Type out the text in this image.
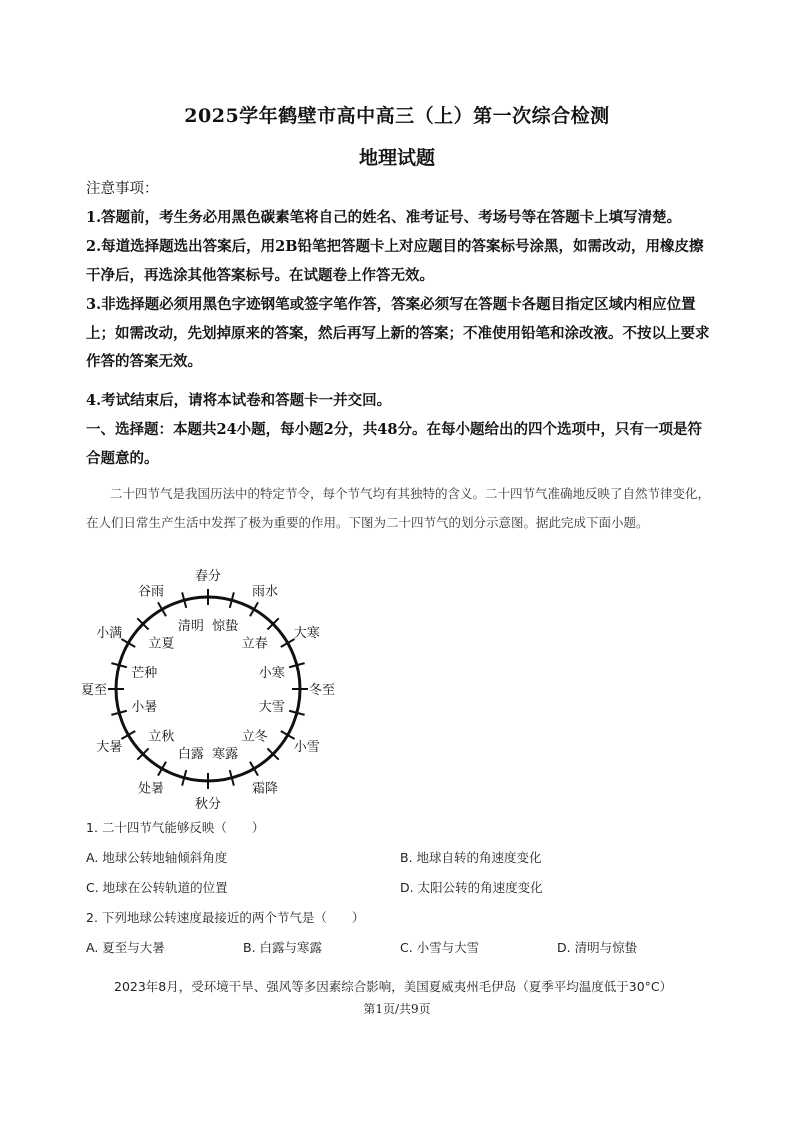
2025学年鹤壁市高中高三（上）第一次综合检测
地理试题
注意事项：
1.答题前，考生务必用黑色碳素笔将自己的姓名、准考证号、考场号等在答题卡上填写清楚。
2.每道选择题选出答案后，用2B铅笔把答题卡上对应题目的答案标号涂黑，如需改动，用橡皮擦干净后，再选涂其他答案标号。在试题卷上作答无效。
3.非选择题必须用黑色字迹钢笔或签字笔作答，答案必须写在答题卡各题目指定区域内相应位置上；如需改动，先划掉原来的答案，然后再写上新的答案；不准使用铅笔和涂改液。不按以上要求作答的答案无效。
4.考试结束后，请将本试卷和答题卡一并交回。
一、选择题：本题共24小题，每小题2分，共48分。在每小题给出的四个选项中，只有一项是符合题意的。
二十四节气是我国历法中的特定节令，每个节气均有其独特的含义。二十四节气准确地反映了自然节律变化，在人们日常生产生活中发挥了极为重要的作用。下图为二十四节气的划分示意图。据此完成下面小题。
春分
雨水
大寒
冬至
小雪
霜降
秋分
处暑
大暑
夏至
小满
谷雨
惊蛰
立春
小寒
大雪
立冬
寒露
白露
立秋
小暑
芒种
立夏
清明
1. 二十四节气能够反映（　　）
A. 地球公转地轴倾斜角度	B. 地球自转的角速度变化
C. 地球在公转轨道的位置	D. 太阳公转的角速度变化
2. 下列地球公转速度最接近的两个节气是（　　）
A. 夏至与大暑	B. 白露与寒露	C. 小雪与大雪	D. 清明与惊蛰
2023年8月，受环境干旱、强风等多因素综合影响，美国夏威夷州毛伊岛（夏季平均温度低于30°C）
第1页/共9页
